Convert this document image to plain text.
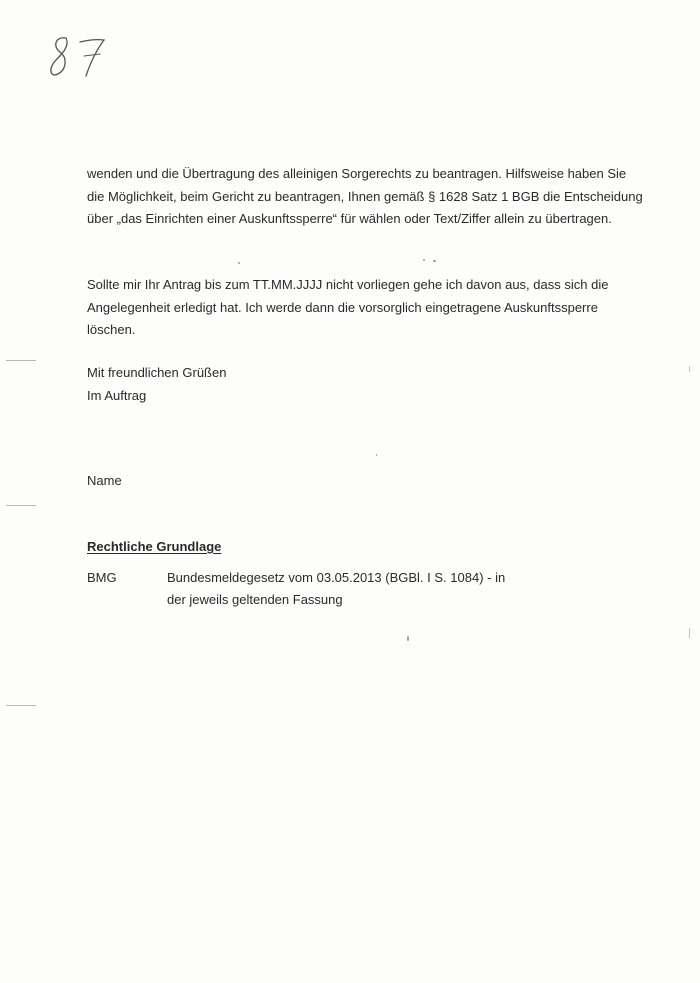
wenden und die Übertragung des alleinigen Sorgerechts zu beantragen. Hilfsweise haben Sie die Möglichkeit, beim Gericht zu beantragen, Ihnen gemäß § 1628 Satz 1 BGB die Entscheidung über „das Einrichten einer Auskunftssperre“ für wählen oder Text/Ziffer allein zu übertragen.

Sollte mir Ihr Antrag bis zum TT.MM.JJJJ nicht vorliegen gehe ich davon aus, dass sich die Angelegenheit erledigt hat. Ich werde dann die vorsorglich eingetragene Auskunftssperre löschen.

Mit freundlichen Grüßen
Im Auftrag
Name
Rechtliche Grundlage
BMG	Bundesmeldegesetz vom 03.05.2013 (BGBl. I S. 1084) - in der jeweils geltenden Fassung
